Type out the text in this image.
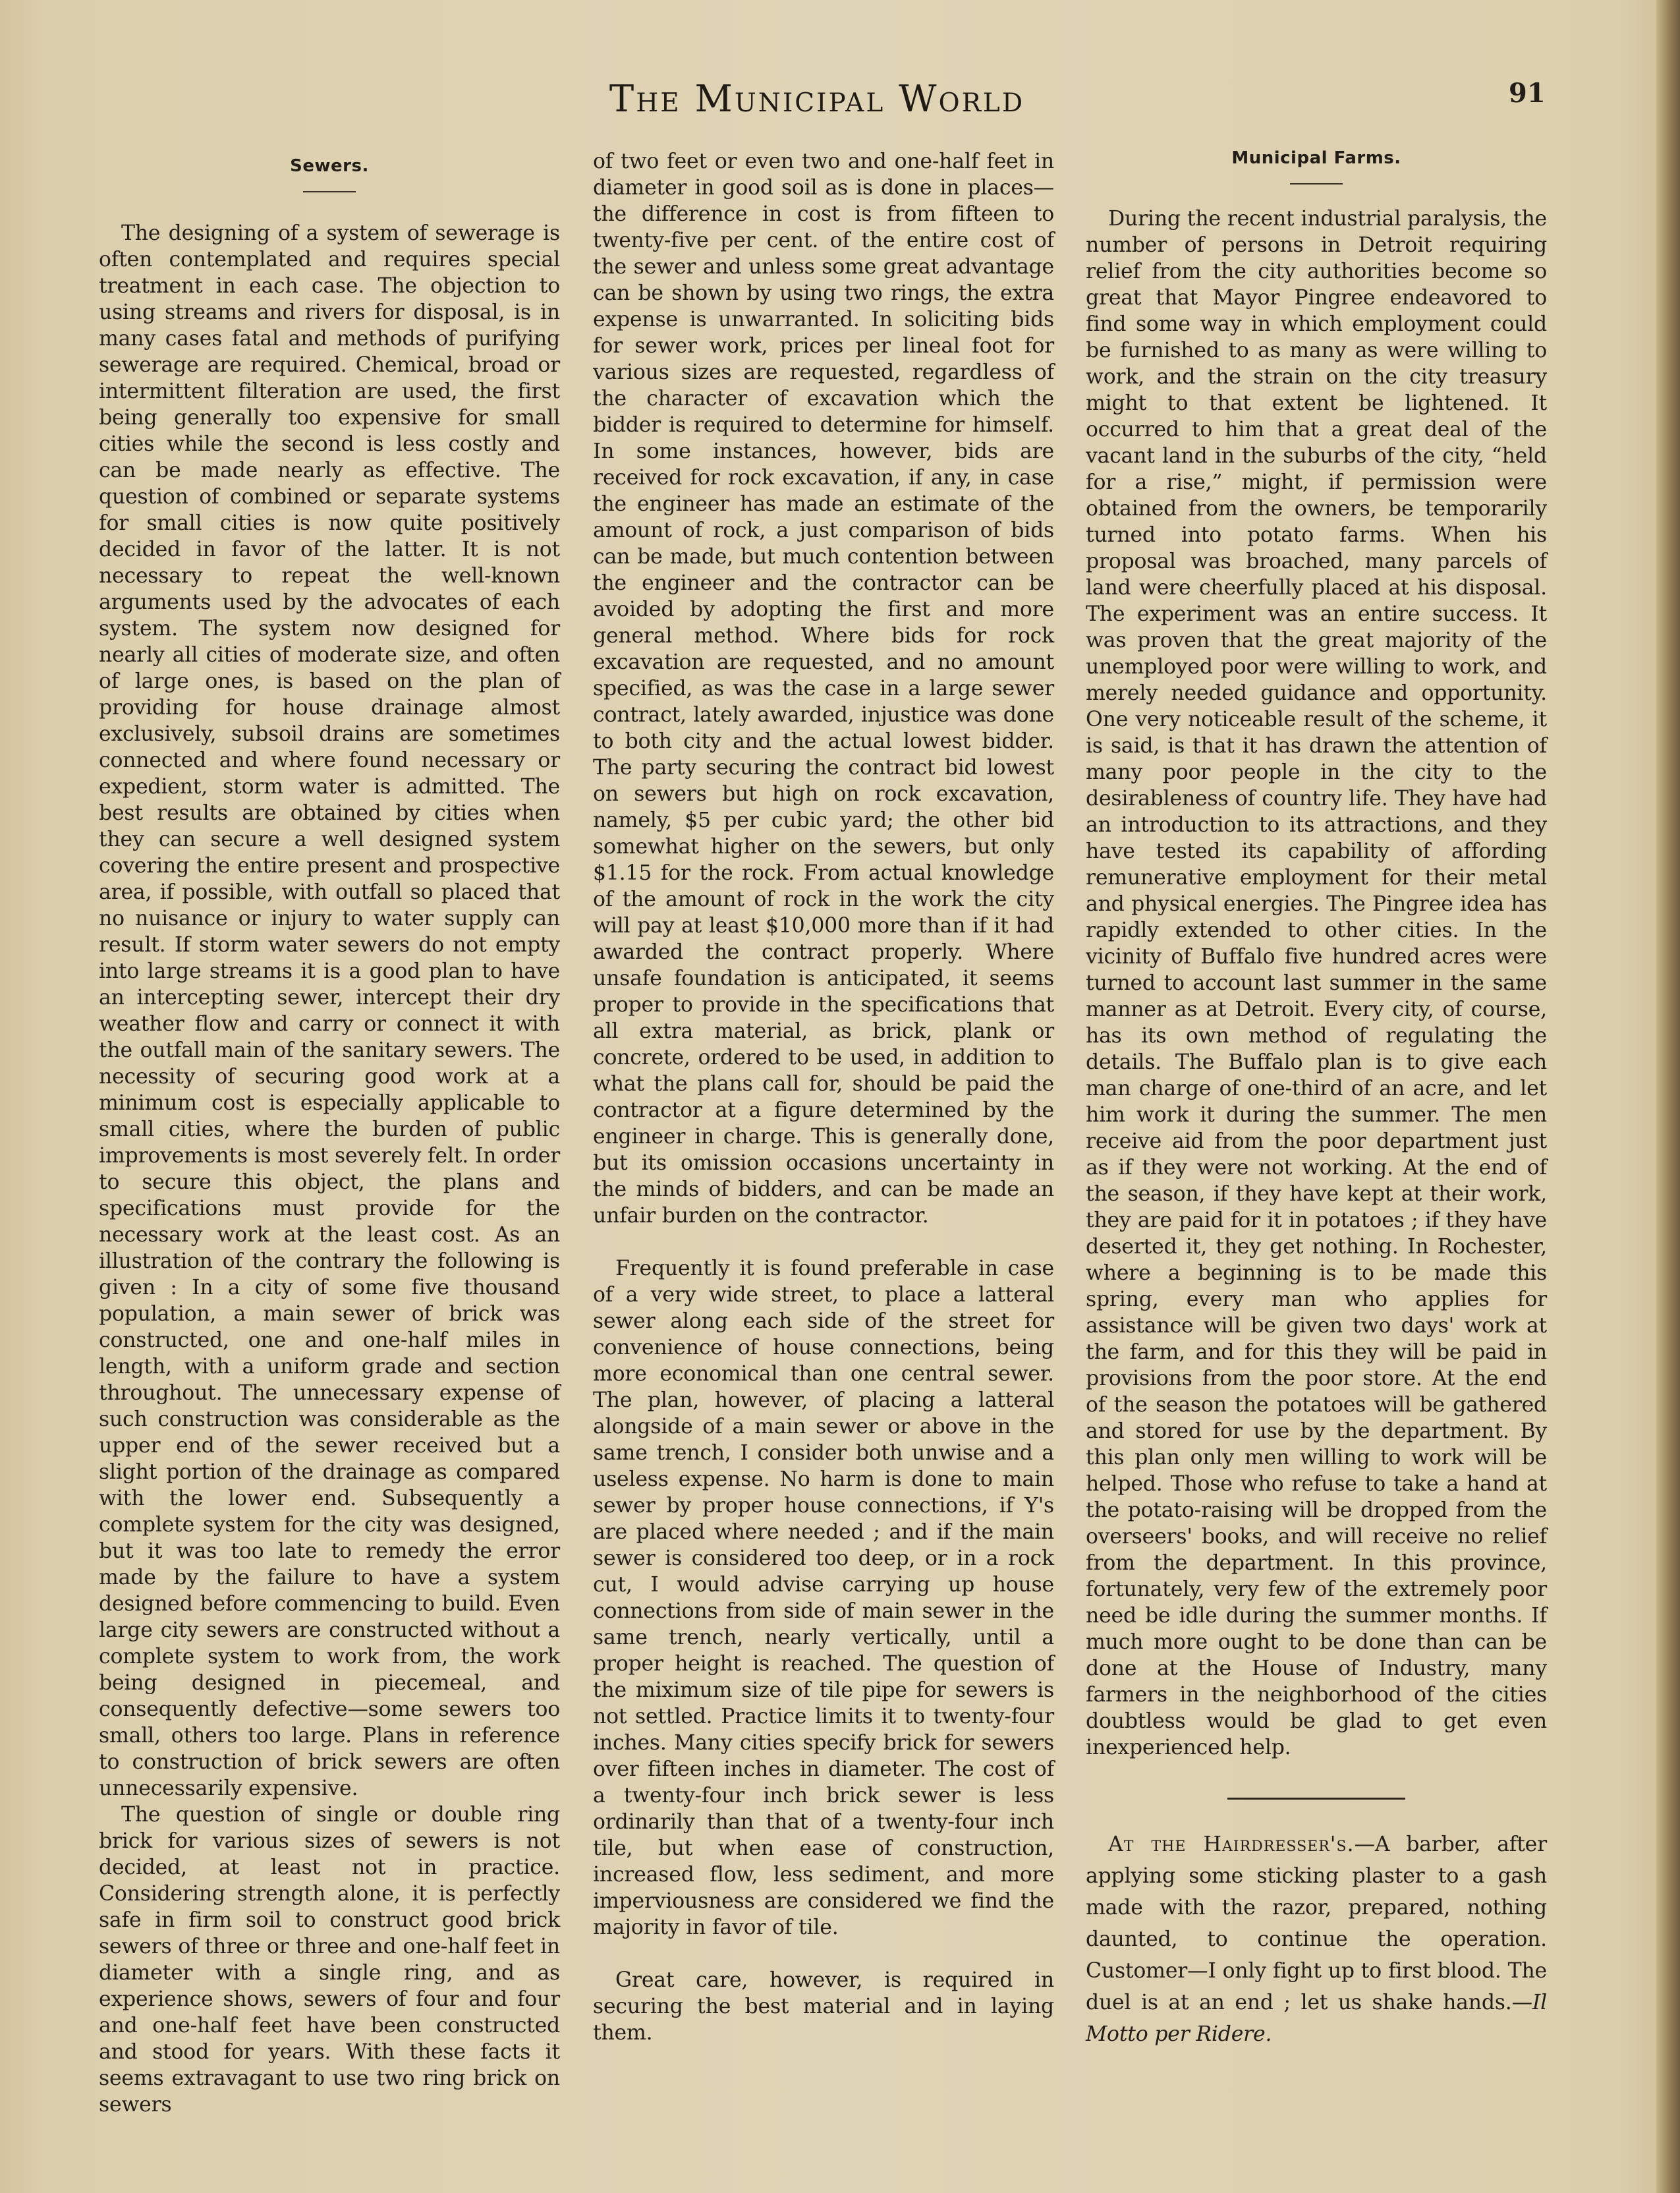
The Municipal World	91
Sewers.

The designing of a system of sewerage is often contemplated and requires special treatment in each case. The objection to using streams and rivers for disposal, is in many cases fatal and methods of purifying sewerage are required. Chemical, broad or intermittent filteration are used, the first being generally too expensive for small cities while the second is less costly and can be made nearly as effective. The question of combined or separate systems for small cities is now quite positively decided in favor of the latter. It is not necessary to repeat the well-known arguments used by the advocates of each system. The system now designed for nearly all cities of moderate size, and often of large ones, is based on the plan of providing for house drainage almost exclusively, subsoil drains are sometimes connected and where found necessary or expedient, storm water is admitted. The best results are obtained by cities when they can secure a well designed system covering the entire present and prospective area, if possible, with outfall so placed that no nuisance or injury to water supply can result. If storm water sewers do not empty into large streams it is a good plan to have an intercepting sewer, intercept their dry weather flow and carry or connect it with the outfall main of the sanitary sewers. The necessity of securing good work at a minimum cost is especially applicable to small cities, where the burden of public improvements is most severely felt. In order to secure this object, the plans and specifications must provide for the necessary work at the least cost. As an illustration of the contrary the following is given : In a city of some five thousand population, a main sewer of brick was constructed, one and one-half miles in length, with a uniform grade and section throughout. The unnecessary expense of such construction was considerable as the upper end of the sewer received but a slight portion of the drainage as compared with the lower end. Subsequently a complete system for the city was designed, but it was too late to remedy the error made by the failure to have a system designed before commencing to build. Even large city sewers are constructed without a complete system to work from, the work being designed in piecemeal, and consequently defective—some sewers too small, others too large. Plans in reference to construction of brick sewers are often unnecessarily expensive.

The question of single or double ring brick for various sizes of sewers is not decided, at least not in practice. Considering strength alone, it is perfectly safe in firm soil to construct good brick sewers of three or three and one-half feet in diameter with a single ring, and as experience shows, sewers of four and four and one-half feet have been constructed and stood for years. With these facts it seems extravagant to use two ring brick on sewers

of two feet or even two and one-half feet in diameter in good soil as is done in places—the difference in cost is from fifteen to twenty-five per cent. of the entire cost of the sewer and unless some great advantage can be shown by using two rings, the extra expense is unwarranted. In soliciting bids for sewer work, prices per lineal foot for various sizes are requested, regardless of the character of excavation which the bidder is required to determine for himself. In some instances, however, bids are received for rock excavation, if any, in case the engineer has made an estimate of the amount of rock, a just comparison of bids can be made, but much contention between the engineer and the contractor can be avoided by adopting the first and more general method. Where bids for rock excavation are requested, and no amount specified, as was the case in a large sewer contract, lately awarded, injustice was done to both city and the actual lowest bidder. The party securing the contract bid lowest on sewers but high on rock excavation, namely, $5 per cubic yard; the other bid somewhat higher on the sewers, but only $1.15 for the rock. From actual knowledge of the amount of rock in the work the city will pay at least $10,000 more than if it had awarded the contract properly. Where unsafe foundation is anticipated, it seems proper to provide in the specifications that all extra material, as brick, plank or concrete, ordered to be used, in addition to what the plans call for, should be paid the contractor at a figure determined by the engineer in charge. This is generally done, but its omission occasions uncertainty in the minds of bidders, and can be made an unfair burden on the contractor.

Frequently it is found preferable in case of a very wide street, to place a latteral sewer along each side of the street for convenience of house connections, being more economical than one central sewer. The plan, however, of placing a latteral alongside of a main sewer or above in the same trench, I consider both unwise and a useless expense. No harm is done to main sewer by proper house connections, if Y's are placed where needed ; and if the main sewer is considered too deep, or in a rock cut, I would advise carrying up house connections from side of main sewer in the same trench, nearly vertically, until a proper height is reached. The question of the miximum size of tile pipe for sewers is not settled. Practice limits it to twenty-four inches. Many cities specify brick for sewers over fifteen inches in diameter. The cost of a twenty-four inch brick sewer is less ordinarily than that of a twenty-four inch tile, but when ease of construction, increased flow, less sediment, and more imperviousness are considered we find the majority in favor of tile.

Great care, however, is required in securing the best material and in laying them.

Municipal Farms.

During the recent industrial paralysis, the number of persons in Detroit requiring relief from the city authorities become so great that Mayor Pingree endeavored to find some way in which employment could be furnished to as many as were willing to work, and the strain on the city treasury might to that extent be lightened. It occurred to him that a great deal of the vacant land in the suburbs of the city, “held for a rise,” might, if permission were obtained from the owners, be temporarily turned into potato farms. When his proposal was broached, many parcels of land were cheerfully placed at his disposal. The experiment was an entire success. It was proven that the great majority of the unemployed poor were willing to work, and merely needed guidance and opportunity. One very noticeable result of the scheme, it is said, is that it has drawn the attention of many poor people in the city to the desirableness of country life. They have had an introduction to its attractions, and they have tested its capability of affording remunerative employment for their metal and physical energies. The Pingree idea has rapidly extended to other cities. In the vicinity of Buffalo five hundred acres were turned to account last summer in the same manner as at Detroit. Every city, of course, has its own method of regulating the details. The Buffalo plan is to give each man charge of one-third of an acre, and let him work it during the summer. The men receive aid from the poor department just as if they were not working. At the end of the season, if they have kept at their work, they are paid for it in potatoes ; if they have deserted it, they get nothing. In Rochester, where a beginning is to be made this spring, every man who applies for assistance will be given two days' work at the farm, and for this they will be paid in provisions from the poor store. At the end of the season the potatoes will be gathered and stored for use by the department. By this plan only men willing to work will be helped. Those who refuse to take a hand at the potato-raising will be dropped from the overseers' books, and will receive no relief from the department. In this province, fortunately, very few of the extremely poor need be idle during the summer months. If much more ought to be done than can be done at the House of Industry, many farmers in the neighborhood of the cities doubtless would be glad to get even inexperienced help.

At the Hairdresser's.—A barber, after applying some sticking plaster to a gash made with the razor, prepared, nothing daunted, to continue the operation. Customer—I only fight up to first blood. The duel is at an end ; let us shake hands.—Il Motto per Ridere.
